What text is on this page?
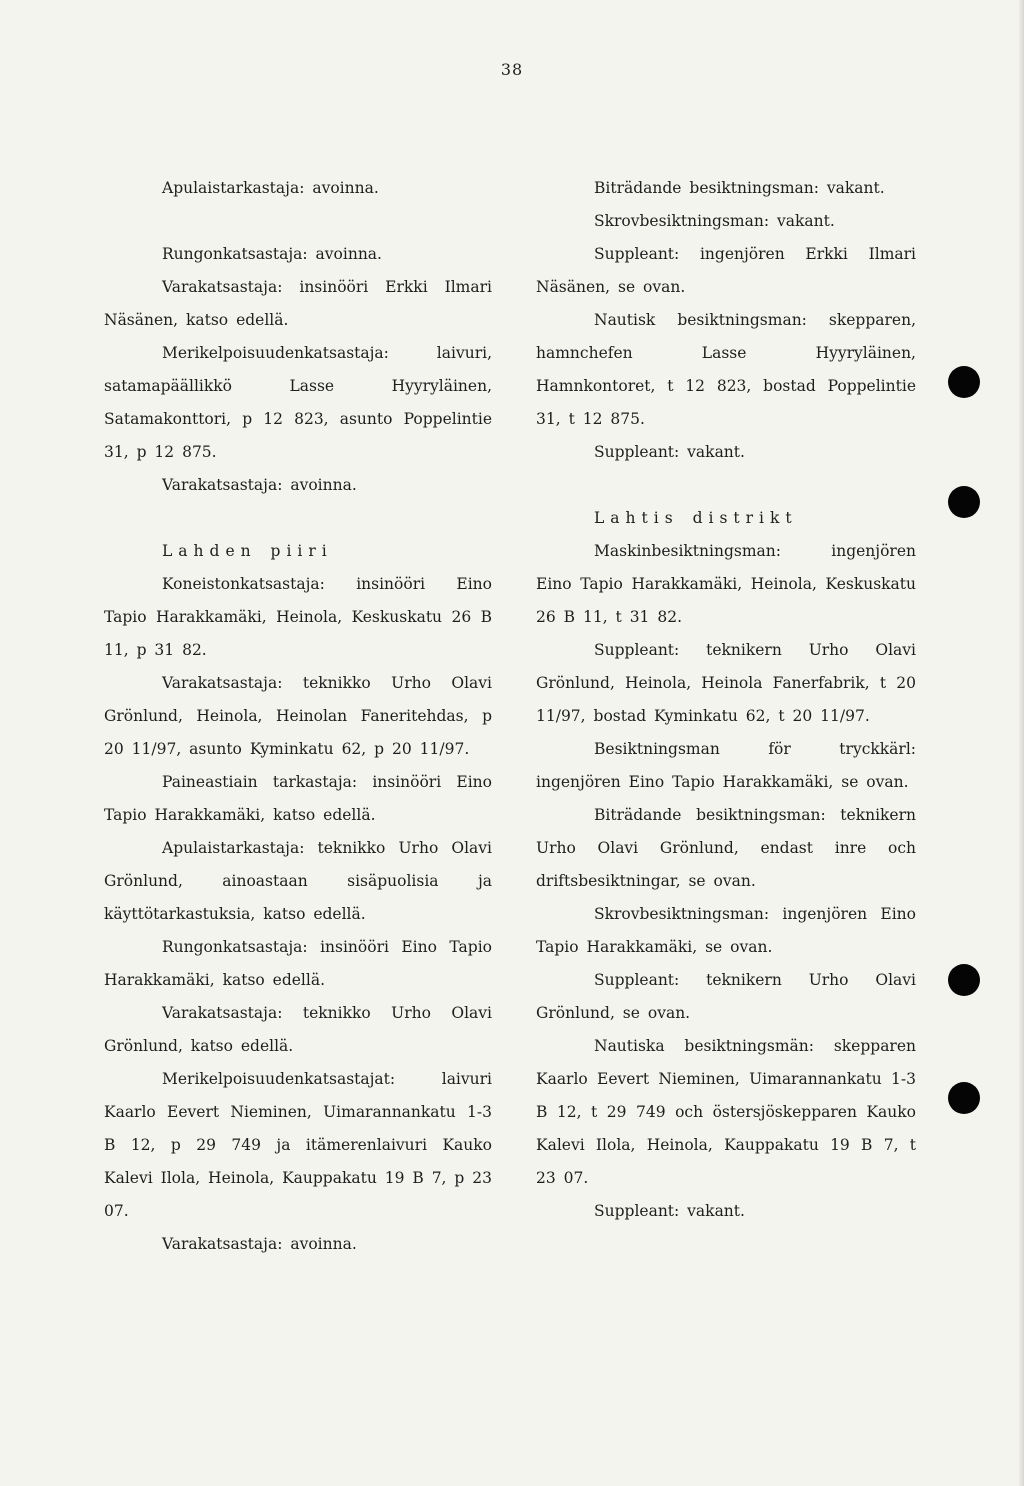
38

Apulaistarkastaja: avoinna.

Rungonkatsastaja: avoinna.

Varakatsastaja: insinööri Erkki Ilmari Näsänen, katso edellä.

Merikelpoisuudenkatsastaja: laivuri, satamapäällikkö Lasse Hyyryläinen, Satamakonttori, p 12 823, asunto Poppelintie 31, p 12 875.

Varakatsastaja: avoinna.

Lahden piiri

Koneistonkatsastaja: insinööri Eino Tapio Harakkamäki, Heinola, Keskuskatu 26 B 11, p 31 82.

Varakatsastaja: teknikko Urho Olavi Grönlund, Heinola, Heinolan Faneritehdas, p 20 11/97, asunto Kyminkatu 62, p 20 11/97.

Paineastiain tarkastaja: insinööri Eino Tapio Harakkamäki, katso edellä.

Apulaistarkastaja: teknikko Urho Olavi Grönlund, ainoastaan sisäpuolisia ja käyttötarkastuksia, katso edellä.

Rungonkatsastaja: insinööri Eino Tapio Harakkamäki, katso edellä.

Varakatsastaja: teknikko Urho Olavi Grönlund, katso edellä.

Merikelpoisuudenkatsastajat: laivuri Kaarlo Eevert Nieminen, Uimarannankatu 1-3 B 12, p 29 749 ja itämerenlaivuri Kauko Kalevi Ilola, Heinola, Kauppakatu 19 B 7, p 23 07.

Varakatsastaja: avoinna.

Biträdande besiktningsman: vakant.

Skrovbesiktningsman: vakant.

Suppleant: ingenjören Erkki Ilmari Näsänen, se ovan.

Nautisk besiktningsman: skepparen, hamnchefen Lasse Hyyryläinen, Hamnkontoret, t 12 823, bostad Poppelintie 31, t 12 875.

Suppleant: vakant.

Lahtis distrikt

Maskinbesiktningsman: ingenjören Eino Tapio Harakkamäki, Heinola, Keskuskatu 26 B 11, t 31 82.

Suppleant: teknikern Urho Olavi Grönlund, Heinola, Heinola Fanerfabrik, t 20 11/97, bostad Kyminkatu 62, t 20 11/97.

Besiktningsman för tryckkärl: ingenjören Eino Tapio Harakkamäki, se ovan.

Biträdande besiktningsman: teknikern Urho Olavi Grönlund, endast inre och driftsbesiktningar, se ovan.

Skrovbesiktningsman: ingenjören Eino Tapio Harakkamäki, se ovan.

Suppleant: teknikern Urho Olavi Grönlund, se ovan.

Nautiska besiktningsmän: skepparen Kaarlo Eevert Nieminen, Uimarannankatu 1-3 B 12, t 29 749 och östersjöskepparen Kauko Kalevi Ilola, Heinola, Kauppakatu 19 B 7, t 23 07.

Suppleant: vakant.
